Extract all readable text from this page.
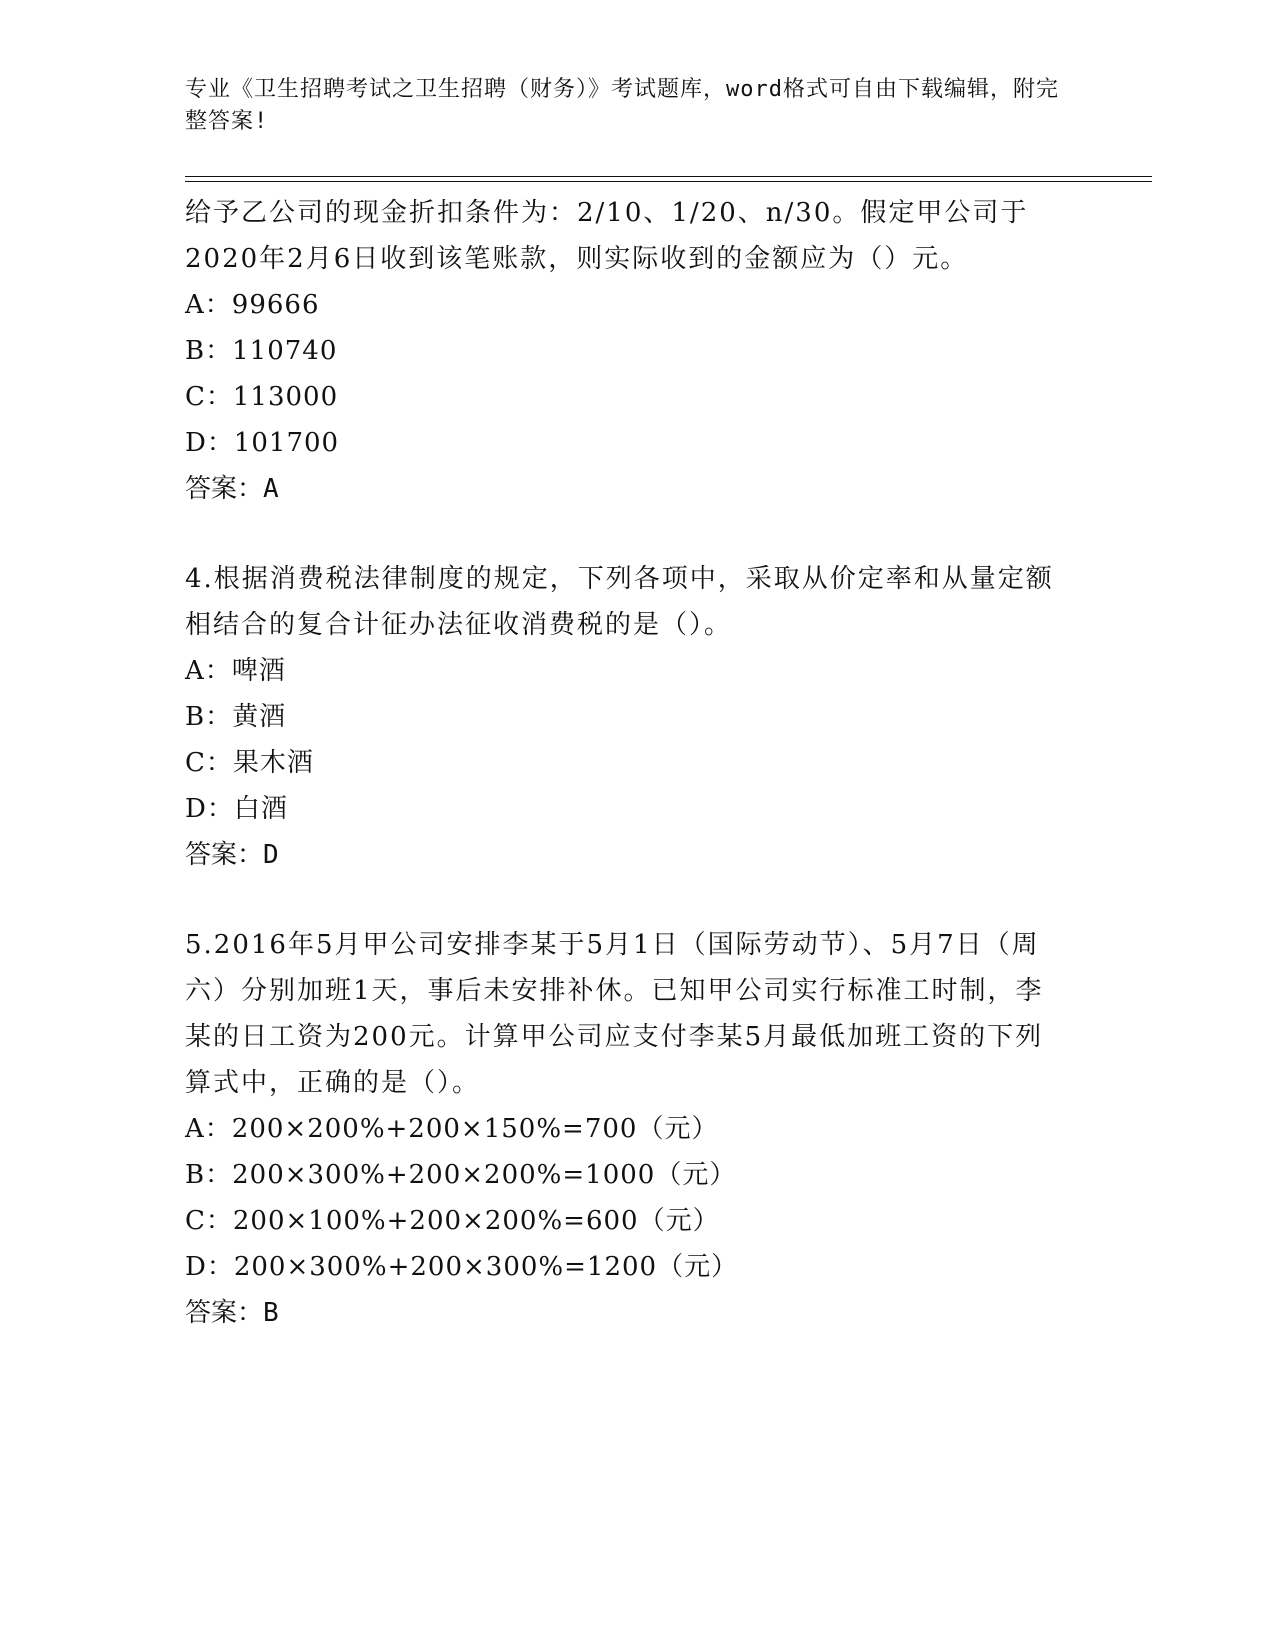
专业《卫生招聘考试之卫生招聘（财务）》考试题库，word格式可自由下载编辑，附完整答案!

给予乙公司的现金折扣条件为：2/10、1/20、n/30。假定甲公司于2020年2月6日收到该笔账款，则实际收到的金额应为（）元。

A：99666

B：110740

C：113000

D：101700

答案：A

4.根据消费税法律制度的规定，下列各项中，采取从价定率和从量定额相结合的复合计征办法征收消费税的是（）。

A：啤酒

B：黄酒

C：果木酒

D：白酒

答案：D

5.2016年5月甲公司安排李某于5月1日（国际劳动节）、5月7日（周六）分别加班1天，事后未安排补休。已知甲公司实行标准工时制，李某的日工资为200元。计算甲公司应支付李某5月最低加班工资的下列算式中，正确的是（）。

A：200×200%+200×150%=700（元）

B：200×300%+200×200%=1000（元）

C：200×100%+200×200%=600（元）

D：200×300%+200×300%=1200（元）

答案：B
